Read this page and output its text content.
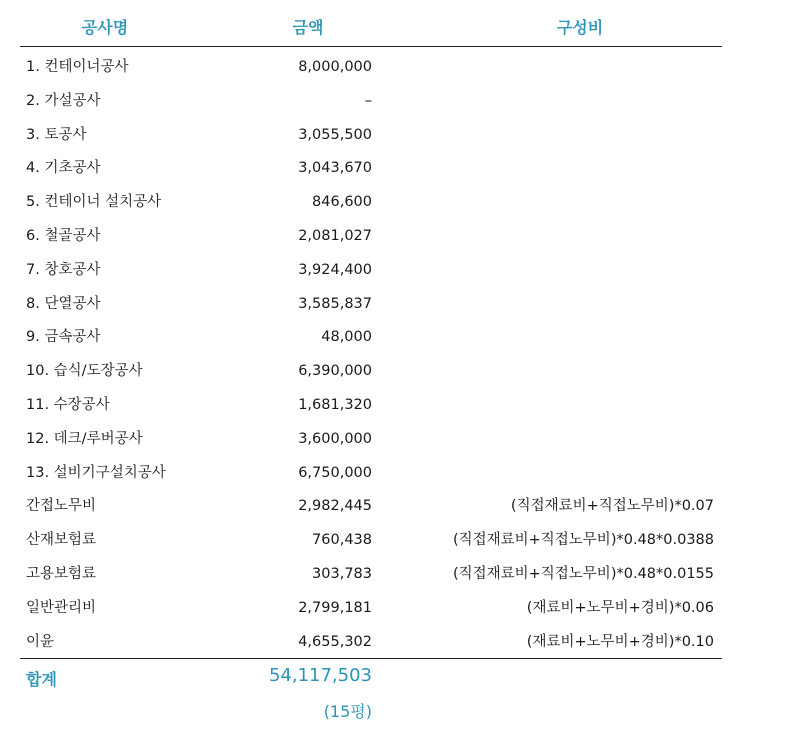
공사명	금액	구성비
1. 컨테이너공사	8,000,000
2. 가설공사	–
3. 토공사	3,055,500
4. 기초공사	3,043,670
5. 컨테이너 설치공사	846,600
6. 철골공사	2,081,027
7. 창호공사	3,924,400
8. 단열공사	3,585,837
9. 금속공사	48,000
10. 습식/도장공사	6,390,000
11. 수장공사	1,681,320
12. 데크/루버공사	3,600,000
13. 설비기구설치공사	6,750,000
간접노무비	2,982,445	(직접재료비+직접노무비)*0.07
산재보험료	760,438	(직접재료비+직접노무비)*0.48*0.0388
고용보험료	303,783	(직접재료비+직접노무비)*0.48*0.0155
일반관리비	2,799,181	(재료비+노무비+경비)*0.06
이윤	4,655,302	(재료비+노무비+경비)*0.10
합계	54,117,503
(15평)
